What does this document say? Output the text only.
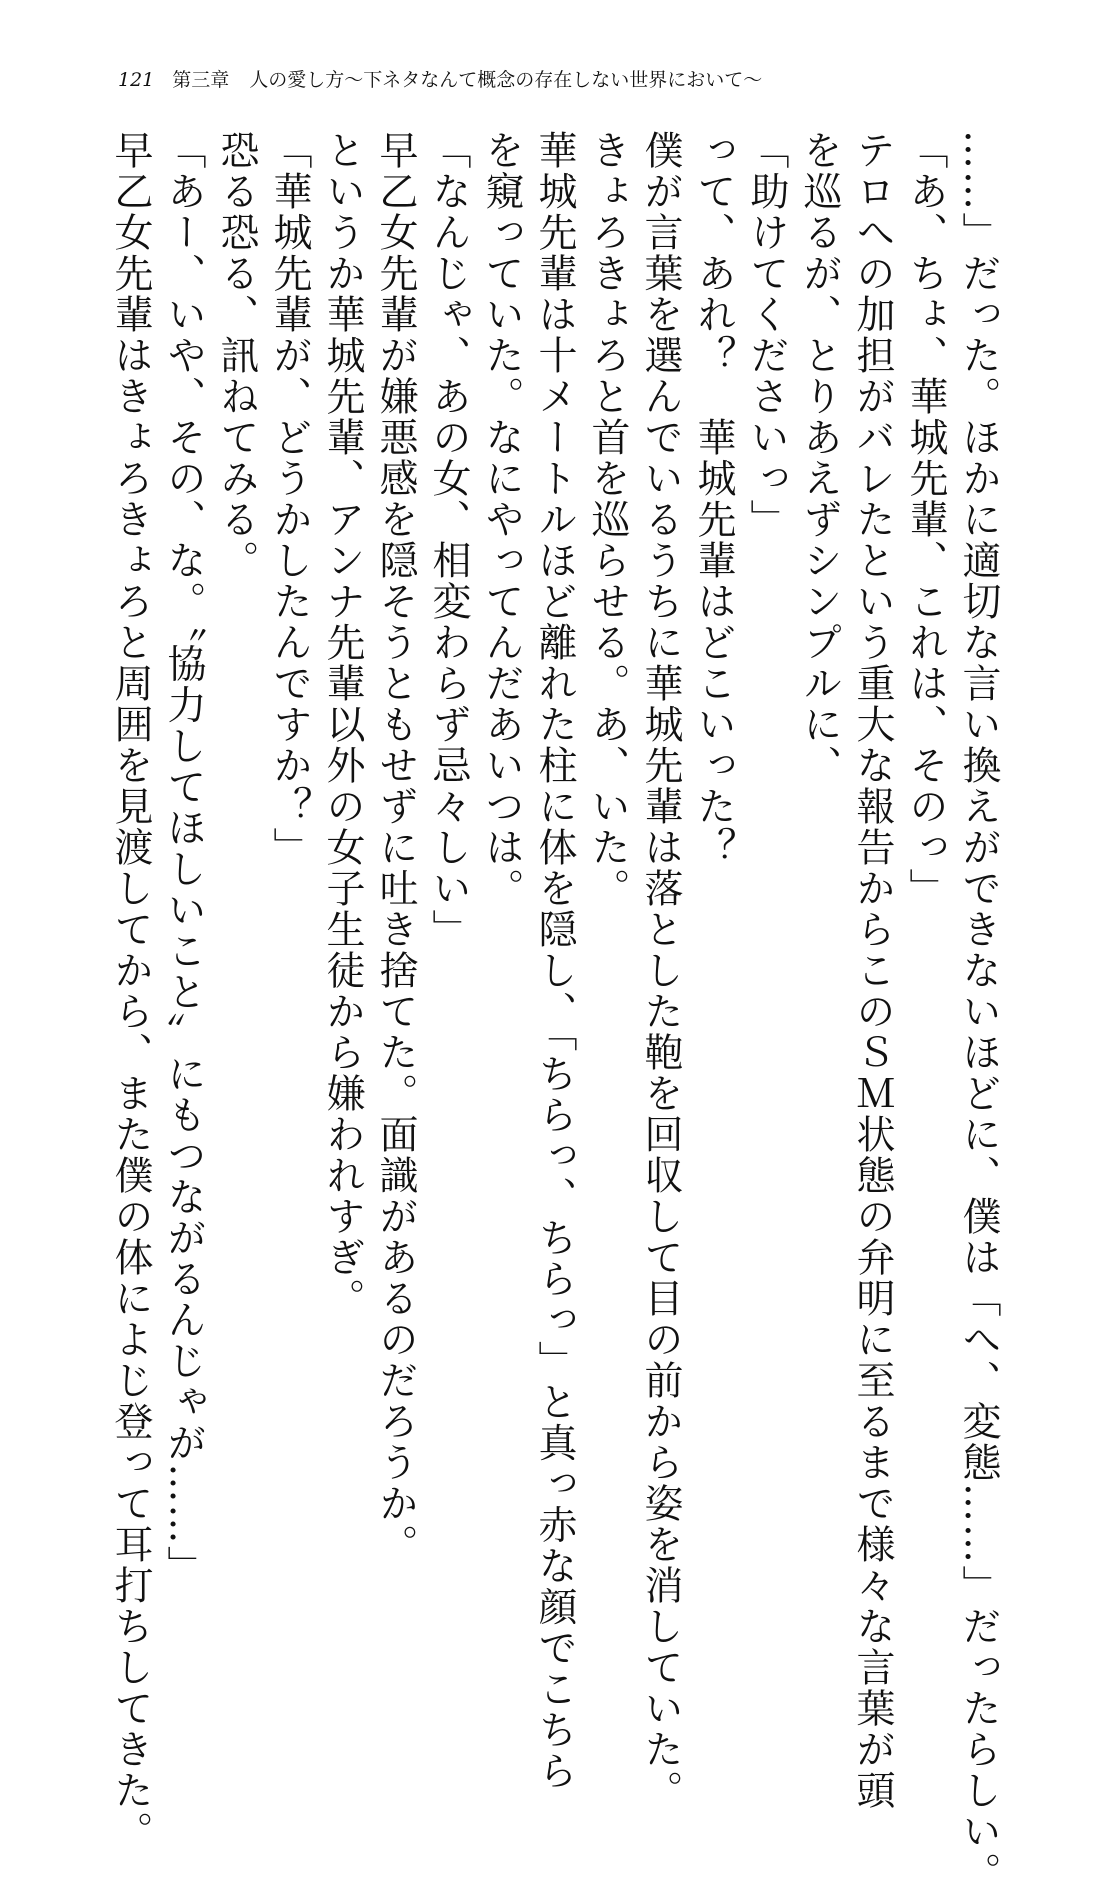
121 第三章 人の愛し方～下ネタなんて概念の存在しない世界において～
……」だった。ほかに適切な言い換えができないほどに、僕は「へ、変態……」だったらしい。
「あ、ちょ、華城先輩、これは、そのっ」
テロへの加担がバレたという重大な報告からこのＳＭ状態の弁明に至るまで様々な言葉が頭
を巡るが、とりあえずシンプルに、
「助けてくださいっ」
って、あれ？　華城先輩はどこいった？
僕が言葉を選んでいるうちに華城先輩は落とした鞄を回収して目の前から姿を消していた。
きょろきょろと首を巡らせる。あ、いた。
華城先輩は十メートルほど離れた柱に体を隠し、「ちらっ、ちらっ」と真っ赤な顔でこちら
を窺っていた。なにやってんだあいつは。
「なんじゃ、あの女、相変わらず忌々しい」
早乙女先輩が嫌悪感を隠そうともせずに吐き捨てた。面識があるのだろうか。
というか華城先輩、アンナ先輩以外の女子生徒から嫌われすぎ。
「華城先輩が、どうかしたんですか？」
恐る恐る、訊ねてみる。
「あー、いや、その、な。〝協力してほしいこと〟にもつながるんじゃが……」
早乙女先輩はきょろきょろと周囲を見渡してから、また僕の体によじ登って耳打ちしてきた。
